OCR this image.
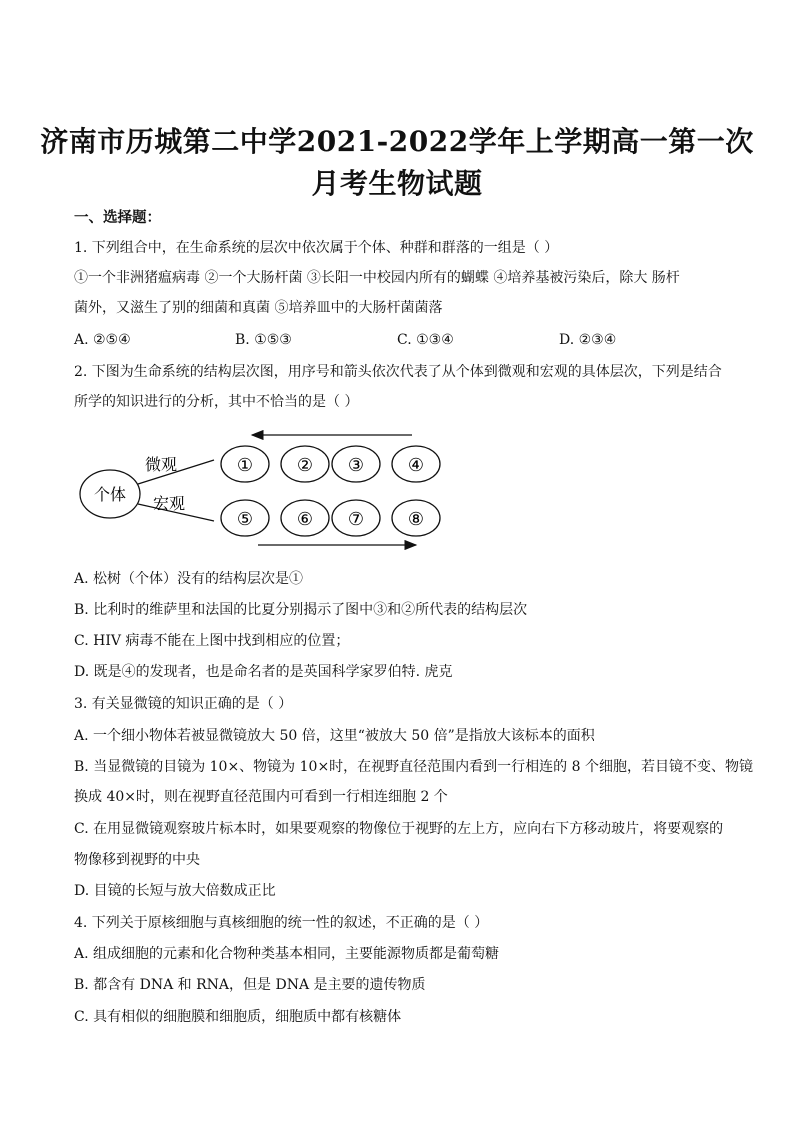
济南市历城第二中学2021-2022学年上学期高一第一次
月考生物试题
一、选择题：
1. 下列组合中，在生命系统的层次中依次属于个体、种群和群落的一组是（ ）
①一个非洲猪瘟病毒 ②一个大肠杆菌 ③长阳一中校园内所有的蝴蝶 ④培养基被污染后，除大 肠杆
菌外，又滋生了别的细菌和真菌 ⑤培养皿中的大肠杆菌菌落
A. ②⑤④	B. ①⑤③	C. ①③④	D. ②③④
2. 下图为生命系统的结构层次图，用序号和箭头依次代表了从个体到微观和宏观的具体层次，下列是结合
所学的知识进行的分析，其中不恰当的是（ ）
个体
微观
宏观
① ② ③ ④
⑤ ⑥ ⑦ ⑧
A. 松树（个体）没有的结构层次是①
B. 比利时的维萨里和法国的比夏分别揭示了图中③和②所代表的结构层次
C. HIV 病毒不能在上图中找到相应的位置；
D. 既是④的发现者，也是命名者的是英国科学家罗伯特. 虎克
3. 有关显微镜的知识正确的是（ ）
A. 一个细小物体若被显微镜放大 50 倍，这里“被放大 50 倍”是指放大该标本的面积
B. 当显微镜的目镜为 10×、物镜为 10×时，在视野直径范围内看到一行相连的 8 个细胞，若目镜不变、物镜
换成 40×时，则在视野直径范围内可看到一行相连细胞 2 个
C. 在用显微镜观察玻片标本时，如果要观察的物像位于视野的左上方，应向右下方移动玻片，将要观察的
物像移到视野的中央
D. 目镜的长短与放大倍数成正比
4. 下列关于原核细胞与真核细胞的统一性的叙述，不正确的是（ ）
A. 组成细胞的元素和化合物种类基本相同，主要能源物质都是葡萄糖
B. 都含有 DNA 和 RNA，但是 DNA 是主要的遗传物质
C. 具有相似的细胞膜和细胞质，细胞质中都有核糖体
